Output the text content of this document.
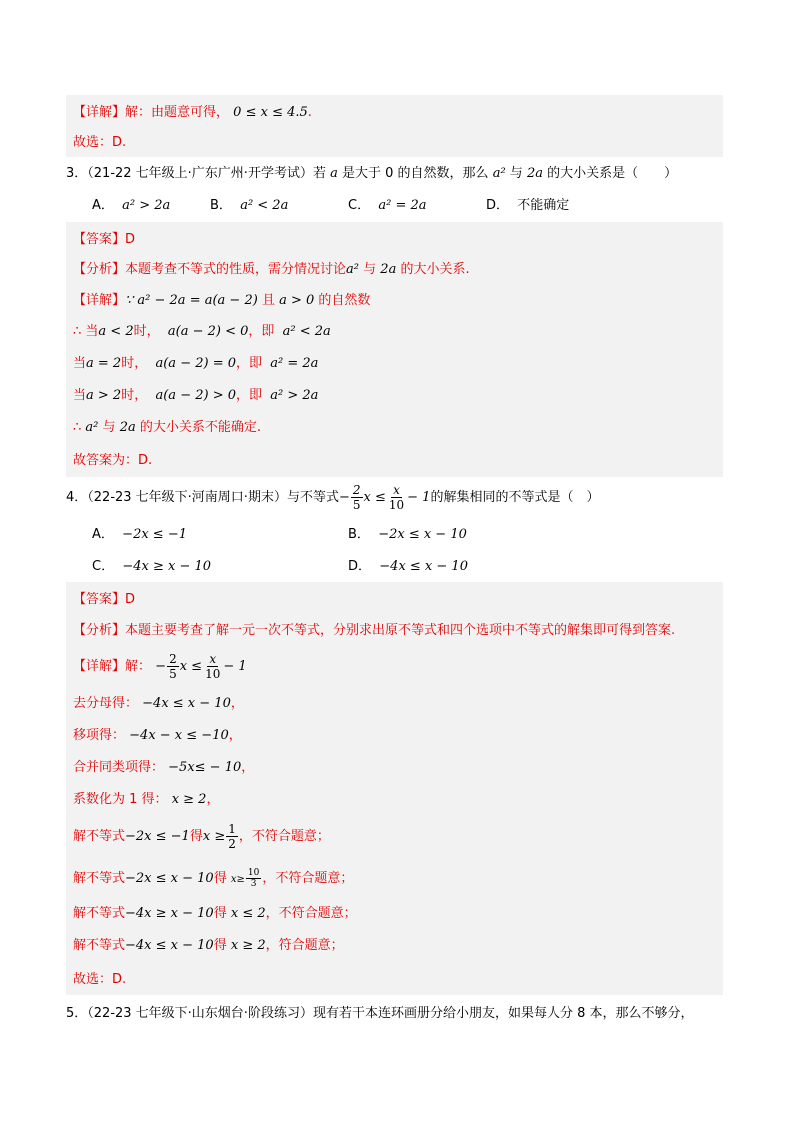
【详解】解：由题意可得， 0 ≤ x ≤ 4.5.
故选：D.
3．（21-22 七年级上·广东广州·开学考试）若 a 是大于 0 的自然数，那么 a² 与 2a 的大小关系是（　　）
A． a² > 2a	B． a² < 2a	C． a² = 2a	D． 不能确定
【答案】D
【分析】本题考查不等式的性质，需分情况讨论a² 与 2a 的大小关系.
【详解】∵ a² − 2a = a(a − 2) 且 a > 0 的自然数
∴ 当a < 2时， a(a − 2) < 0，即 a² < 2a
当a = 2时， a(a − 2) = 0，即 a² = 2a
当a > 2时， a(a − 2) > 0，即 a² > 2a
∴ a² 与 2a 的大小关系不能确定.
故答案为：D.
4．（22-23 七年级下·河南周口·期末）与不等式− $\frac{2}{5}$ $x \le \frac{x}{10} - 1$的解集相同的不等式是（　）
A． −2x ≤ −1	B． −2x ≤ x − 10
C． −4x ≥ x − 10	D． −4x ≤ x − 10
【答案】D
【分析】本题主要考查了解一元一次不等式，分别求出原不等式和四个选项中不等式的解集即可得到答案.
【详解】解： − $\frac{2}{5}$ $x \le \frac{x}{10} - 1$
去分母得： −4x ≤ x − 10，
移项得： −4x − x ≤ −10，
合并同类项得： −5x≤ − 10，
系数化为 1 得： x ≥ 2，
解不等式−2x ≤ −1得$x \ge \frac{1}{2}$ ，不符合题意；
解不等式−2x ≤ x − 10得 $x\ge \frac{10}{3}$ ，不符合题意；
解不等式−4x ≥ x − 10得 x ≤ 2，不符合题意；
解不等式−4x ≤ x − 10得 x ≥ 2，符合题意；
故选：D.
5．（22-23 七年级下·山东烟台·阶段练习）现有若干本连环画册分给小朋友，如果每人分 8 本，那么不够分，
